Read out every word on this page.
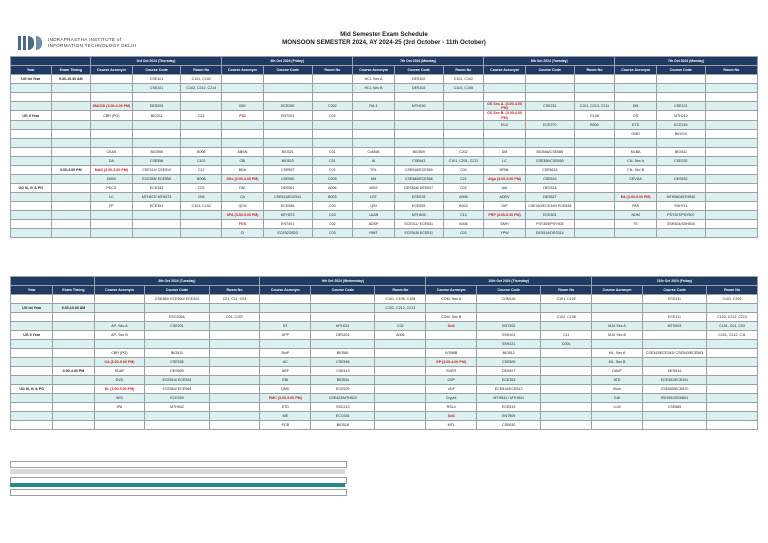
INDRAPRASTHA INSTITUTE of
INFORMATION TECHNOLOGY DELHI
Mid Semester Exam Schedule
MONSOON SEMESTER 2024, AY 2024-25 (3rd October - 11th October)
		3rd Oct 2024 (Thursday)			4th Oct 2024 (Friday)			7th Oct 2024 (Monday)			8th Oct 2024 (Tuesday)			7th Oct 2024 (Monday)		
Year	Exam Timing	Course Acronym	Course Code	Room No	Course Acronym	Course Code	Room No	Course Acronym	Course Code	Room No	Course Acronym	Course Code	Room No	Course Acronym	Course Code	Room No
UG Ist Year	9.30-10.30 AM		CSE101	C101, C102				HCI- Sec A	DES102	C101, C102						
			CSE101	C102, C212, C214				HCI- Sec B	DES102	C102, C108						

		SM1OD (3.00-4.00 PM)	DES205		BIO	ECE250	C202	RA-1	MTH240		OS Sec A- (3.00-4.00 PM)	CSE231	C101, C213, C211	DM	CSE121	
UG II Year		CBR (PG)	BIO211	C21	P33	ENT201	C02				OS Sec B- (3.00-4.00 PM)		C108	DS	MTH210	
											ELD	ECE270	B009	ETD	ECE215	
														GMD	BIO210	

		CEAS	BIO598	B006	ABSN	BIO321	C01	CoMoB	BIO509	C202	DM	BIO546/CSE585		MLBA	BIO542	
		DA	CSE556	C101	CBI	BIO523	C01	AI	CSE643	C101, C201, C211	LC	CSE350/CSE650		CN- Sec A	CSE232	
	3.00-4.00 PM	MAD (3.00-5.00 PM)	CSE319/ CSE519	C12	BDA	CSE557	C01	TDL	CSE516/ECE559	C00	DFML	CSE5614		CN- Sec B		
		DMIS	ECE355/ ECE555	B008	DSc (3.00-4.00 PM)	CSE550	C005	NN	CSE580/ECE558	C21	Algo (3.00-5.00 PM)	CSE619		CEVDA	DES532	
UG III, IV & PG		PDCS	ECE343	C03	FAE	DES501	A006	MDS	DES528/ DES507	C02	AAI	DES318				
		LC	MTH572/ MTH573	C05	CA	CSE511/ECE511	B003	LGT	ECE578	A006	ADDV	DES527		EA (3.00-5.00 PM)	MTH560/MTH540	
		FP	ECE351	C101, C102	QCN	ECE558	C03	QIN	ECE525	B003	DIP	CSE340/ECE340/ ECE538		PAS	SSH711	
					SPA (3.00-5.00 PM)	MTH373	C03	L&AN	MTH405	C13	PRP (3.00-5.30 PM)	ECE501		NDM	PSY307/PSY507	
					FGS	ENT401	C02	ADSP	ECE311/ ECE531	A006	DMH	PSY305/PSY505		TE	SSH304/SSH504	
					CI	ECE523/523	C03	RNIT	ECE515/ ECE511	C03	YPW	DES514/DES314				
		8th Oct 2024 (Tuesday)			9th Oct 2024 (Wednesday)			10th Oct 2024 (Thursday)			11th Oct 2024 (Friday)		
Year	Exam Timing	Course Acronym	Course Code	Room No	Course Acronym	Course Code	Room No	Course Acronym	Course Code	Room No	Course Acronym	Course Code	Room No
			CSE460/ ECE500/ ECE404	C01, C11, C03			C101, C105, C108	COM- Sec A	COM101	C101, C102		ECE111	C101, C201
UG Ist Year	9.30-10.30 AM						C102, C212, C213						
			ESC205A	C01, C102				COM- Sec B		C102, C108		ECE111	C102, C212, C213
		AP- Sec A	CSE201		NT	MTH211	C02	SoS	ENT202		M-III Sec A	MTH203	C101, C01, C03
UG II Year		AP- Sec B			DPP	DES201	A006		SSH101	C11	M-III Sec B		C101, C212, C11
									SSH221	C001			
		CBR (PG)	BIO511		BioP	BIO561		IVSIMB	BIO512		ML- Sec A	CSE343/ECE343/ CSE543/ECE563	
		CA (3.00-5.00 PM)	CSE535		AC	CSE546		EP (3.00-4.00 PM)	CSE509		ML- Sec B		
	3.00-4.00 PM	SDAF	DES505		ARF	CSE419		SVER	DES527		DAVP	DES514	
		DVD	ECE514/ ECE534		EBI	BIO534		DSP	ECE353		ATD	ECE451/ECE451	
UG III, IV & PG		DL (3.00-5.00 PM)	ECE564/ ECE564		QMD	ECE529		VDF	ECE510/ECE512		IBoh	CSE655/ECE670	
		WSI	ECE539		PMC (3.00-5.00 PM)	CSE423/MTH523		Crypt4	MTH541 / MTH541		GAI	SSH591/SSH591	
		IPA	MTH542		ETD	SSC213		RSLo	ECE519		LLM	CSE665	
					ME	ECO301		SoS	ENT909				
					PCB	BIO518		MTL	CSE630				
